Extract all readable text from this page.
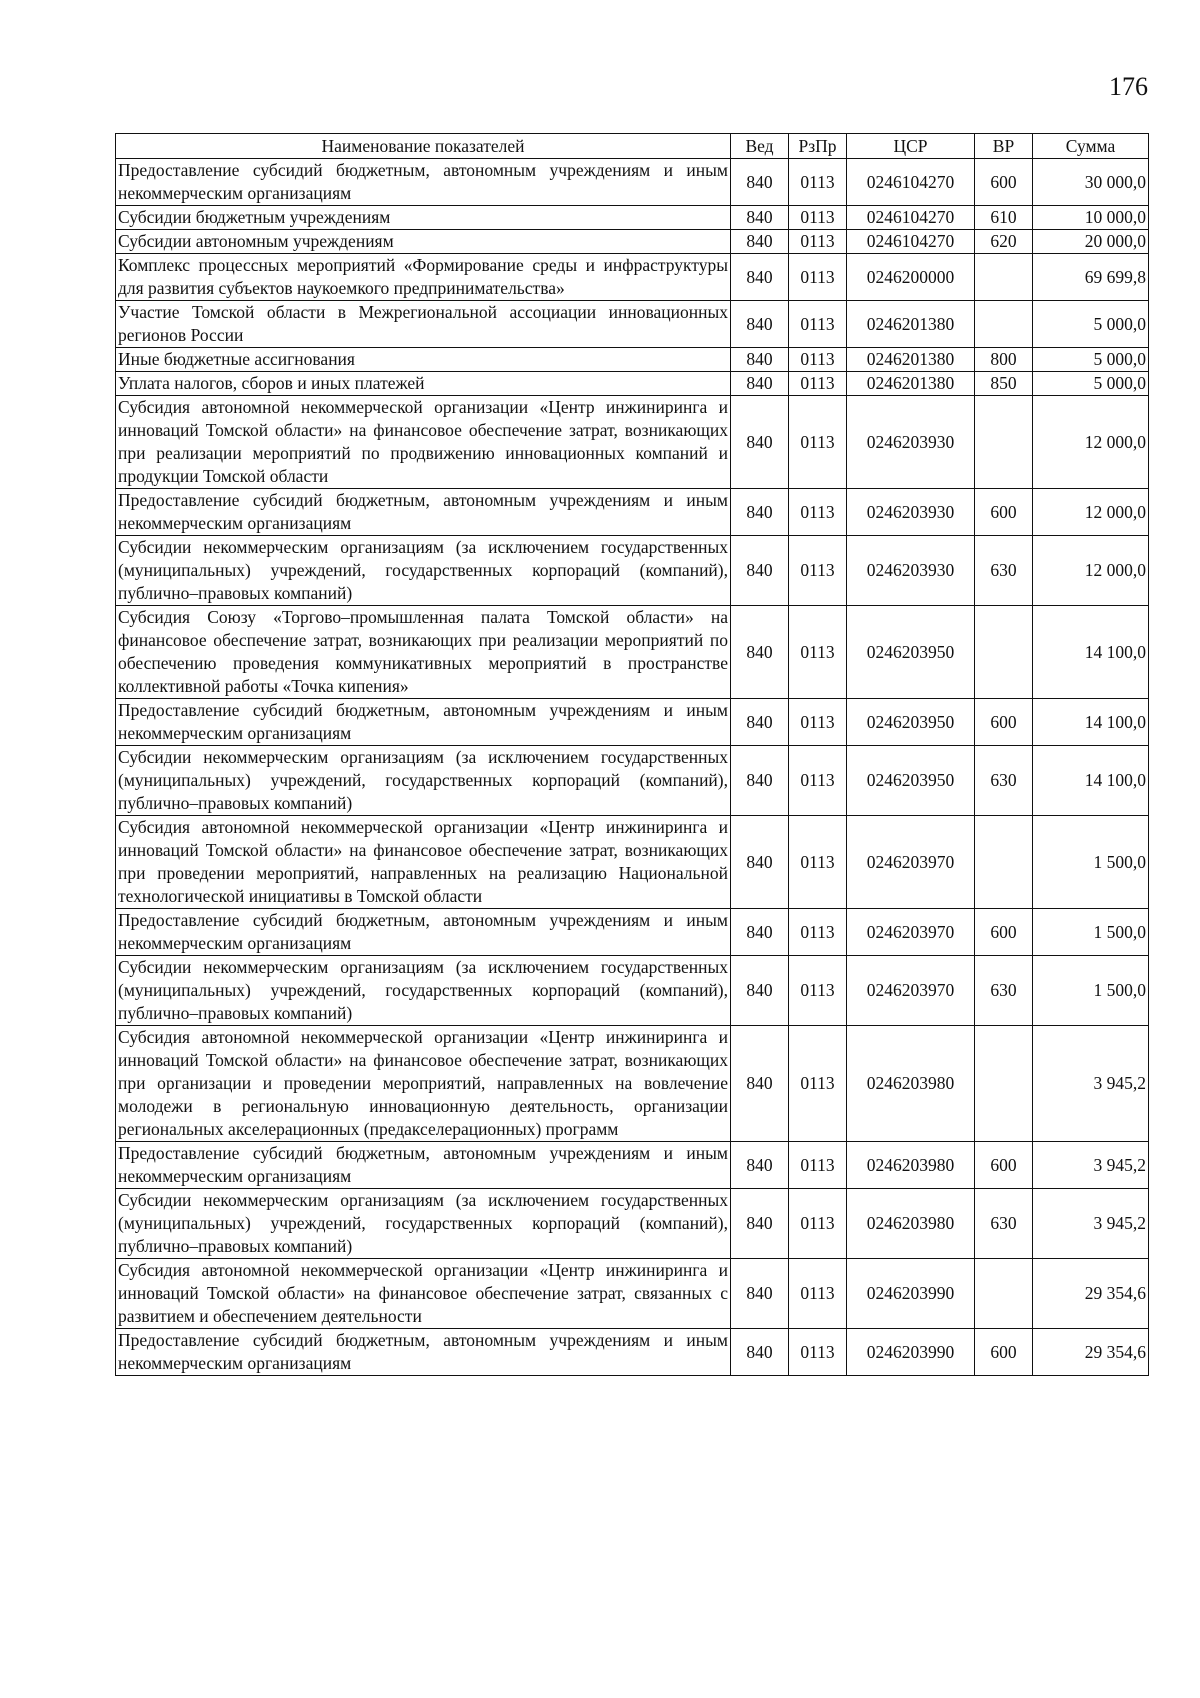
176
Наименование показателей	Вед	РзПр	ЦСР	ВР	Сумма
Предоставление субсидий бюджетным, автономным учреждениям и иным некоммерческим организациям	840	0113	0246104270	600	30 000,0
Субсидии бюджетным учреждениям	840	0113	0246104270	610	10 000,0
Субсидии автономным учреждениям	840	0113	0246104270	620	20 000,0
Комплекс процессных мероприятий «Формирование среды и инфраструктуры для развития субъектов наукоемкого предпринимательства»	840	0113	0246200000		69 699,8
Участие Томской области в Межрегиональной ассоциации инновационных регионов России	840	0113	0246201380		5 000,0
Иные бюджетные ассигнования	840	0113	0246201380	800	5 000,0
Уплата налогов, сборов и иных платежей	840	0113	0246201380	850	5 000,0
Субсидия автономной некоммерческой организации «Центр инжиниринга и инноваций Томской области» на финансовое обеспечение затрат, возникающих при реализации мероприятий по продвижению инновационных компаний и продукции Томской области	840	0113	0246203930		12 000,0
Предоставление субсидий бюджетным, автономным учреждениям и иным некоммерческим организациям	840	0113	0246203930	600	12 000,0
Субсидии некоммерческим организациям (за исключением государственных (муниципальных) учреждений, государственных корпораций (компаний), публично–правовых компаний)	840	0113	0246203930	630	12 000,0
Субсидия Союзу «Торгово–промышленная палата Томской области» на финансовое обеспечение затрат, возникающих при реализации мероприятий по обеспечению проведения коммуникативных мероприятий в пространстве коллективной работы «Точка кипения»	840	0113	0246203950		14 100,0
Предоставление субсидий бюджетным, автономным учреждениям и иным некоммерческим организациям	840	0113	0246203950	600	14 100,0
Субсидии некоммерческим организациям (за исключением государственных (муниципальных) учреждений, государственных корпораций (компаний), публично–правовых компаний)	840	0113	0246203950	630	14 100,0
Субсидия автономной некоммерческой организации «Центр инжиниринга и инноваций Томской области» на финансовое обеспечение затрат, возникающих при проведении мероприятий, направленных на реализацию Национальной технологической инициативы в Томской области	840	0113	0246203970		1 500,0
Предоставление субсидий бюджетным, автономным учреждениям и иным некоммерческим организациям	840	0113	0246203970	600	1 500,0
Субсидии некоммерческим организациям (за исключением государственных (муниципальных) учреждений, государственных корпораций (компаний), публично–правовых компаний)	840	0113	0246203970	630	1 500,0
Субсидия автономной некоммерческой организации «Центр инжиниринга и инноваций Томской области» на финансовое обеспечение затрат, возникающих при организации и проведении мероприятий, направленных на вовлечение молодежи в региональную инновационную деятельность, организации региональных акселерационных (предакселерационных) программ	840	0113	0246203980		3 945,2
Предоставление субсидий бюджетным, автономным учреждениям и иным некоммерческим организациям	840	0113	0246203980	600	3 945,2
Субсидии некоммерческим организациям (за исключением государственных (муниципальных) учреждений, государственных корпораций (компаний), публично–правовых компаний)	840	0113	0246203980	630	3 945,2
Субсидия автономной некоммерческой организации «Центр инжиниринга и инноваций Томской области» на финансовое обеспечение затрат, связанных с развитием и обеспечением деятельности	840	0113	0246203990		29 354,6
Предоставление субсидий бюджетным, автономным учреждениям и иным некоммерческим организациям	840	0113	0246203990	600	29 354,6
